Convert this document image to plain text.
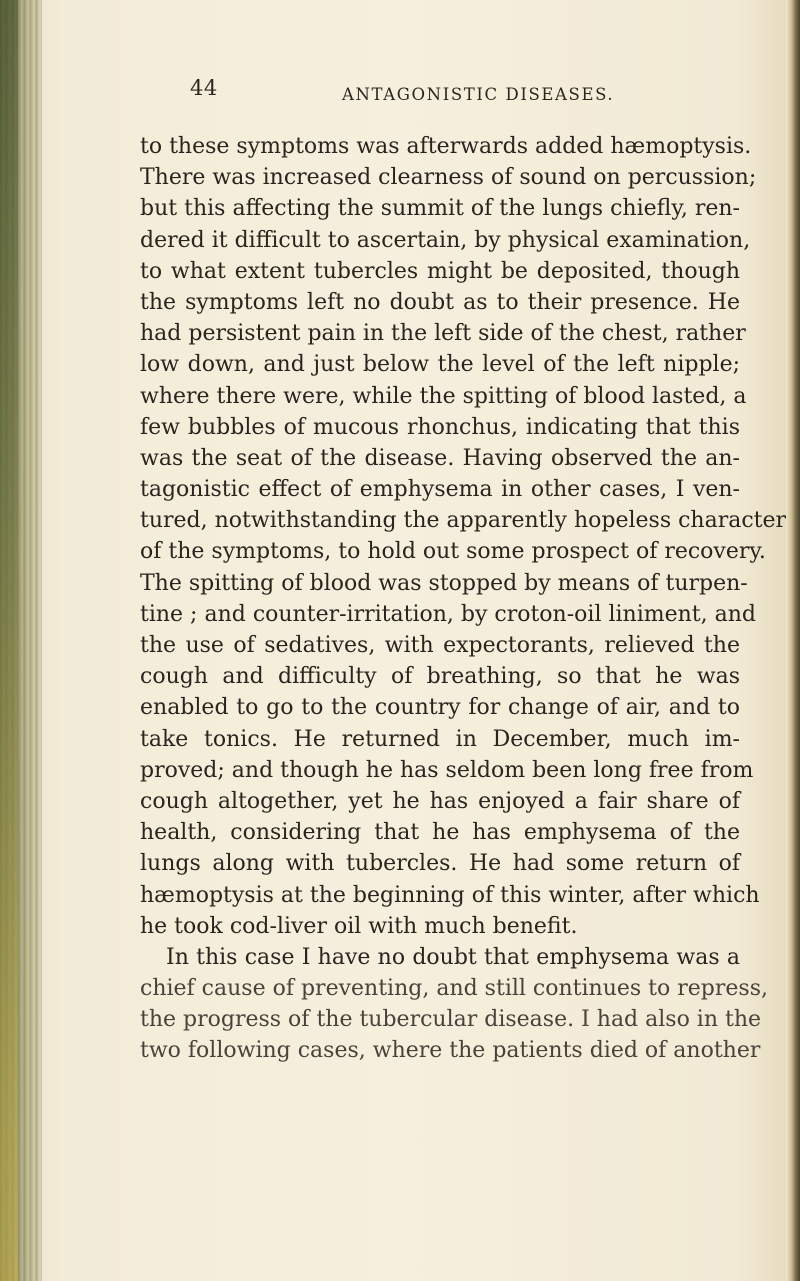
44	ANTAGONISTIC DISEASES.
to these symptoms was afterwards added hæmoptysis.
There was increased clearness of sound on percussion;
but this affecting the summit of the lungs chiefly, ren-
dered it difficult to ascertain, by physical examination,
to what extent tubercles might be deposited, though
the symptoms left no doubt as to their presence. He
had persistent pain in the left side of the chest, rather
low down, and just below the level of the left nipple;
where there were, while the spitting of blood lasted, a
few bubbles of mucous rhonchus, indicating that this
was the seat of the disease. Having observed the an-
tagonistic effect of emphysema in other cases, I ven-
tured, notwithstanding the apparently hopeless character
of the symptoms, to hold out some prospect of recovery.
The spitting of blood was stopped by means of turpen-
tine ; and counter-irritation, by croton-oil liniment, and
the use of sedatives, with expectorants, relieved the
cough and difficulty of breathing, so that he was
enabled to go to the country for change of air, and to
take tonics. He returned in December, much im-
proved; and though he has seldom been long free from
cough altogether, yet he has enjoyed a fair share of
health, considering that he has emphysema of the
lungs along with tubercles. He had some return of
hæmoptysis at the beginning of this winter, after which
he took cod-liver oil with much benefit.
In this case I have no doubt that emphysema was a
chief cause of preventing, and still continues to repress,
the progress of the tubercular disease. I had also in the
two following cases, where the patients died of another
